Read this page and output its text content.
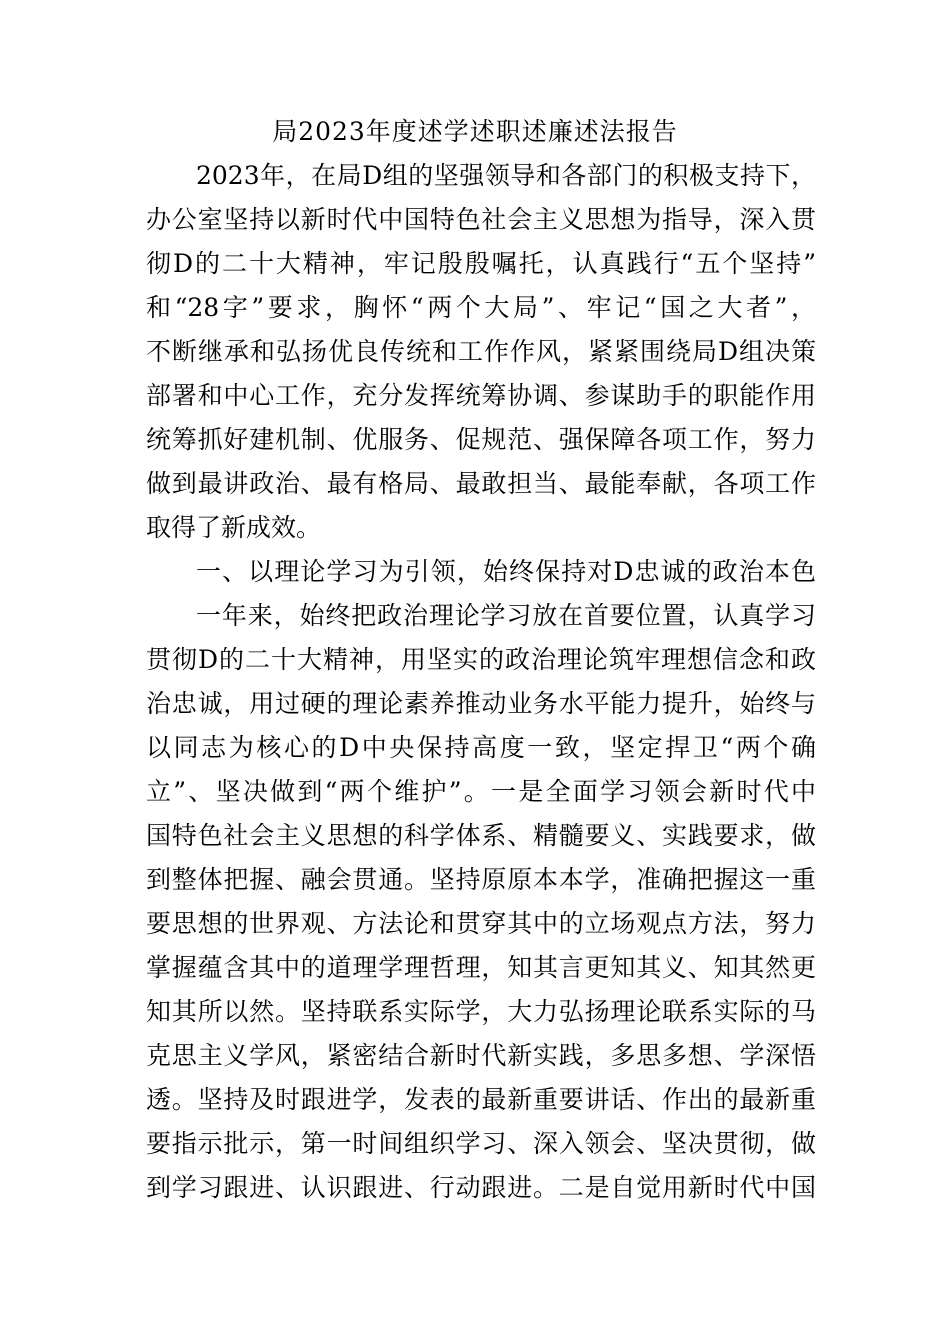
局2023年度述学述职述廉述法报告
2023年，在局D组的坚强领导和各部门的积极支持下，
办公室坚持以新时代中国特色社会主义思想为指导，深入贯
彻D的二十大精神，牢记殷殷嘱托，认真践行“五个坚持”
和“28字”要求，胸怀“两个大局”、牢记“国之大者”，
不断继承和弘扬优良传统和工作作风，紧紧围绕局D组决策
部署和中心工作，充分发挥统筹协调、参谋助手的职能作用
统筹抓好建机制、优服务、促规范、强保障各项工作，努力
做到最讲政治、最有格局、最敢担当、最能奉献，各项工作
取得了新成效。
一、以理论学习为引领，始终保持对D忠诚的政治本色
一年来，始终把政治理论学习放在首要位置，认真学习
贯彻D的二十大精神，用坚实的政治理论筑牢理想信念和政
治忠诚，用过硬的理论素养推动业务水平能力提升，始终与
以同志为核心的D中央保持高度一致，坚定捍卫“两个确
立”、坚决做到“两个维护”。一是全面学习领会新时代中
国特色社会主义思想的科学体系、精髓要义、实践要求，做
到整体把握、融会贯通。坚持原原本本学，准确把握这一重
要思想的世界观、方法论和贯穿其中的立场观点方法，努力
掌握蕴含其中的道理学理哲理，知其言更知其义、知其然更
知其所以然。坚持联系实际学，大力弘扬理论联系实际的马
克思主义学风，紧密结合新时代新实践，多思多想、学深悟
透。坚持及时跟进学，发表的最新重要讲话、作出的最新重
要指示批示，第一时间组织学习、深入领会、坚决贯彻，做
到学习跟进、认识跟进、行动跟进。二是自觉用新时代中国
